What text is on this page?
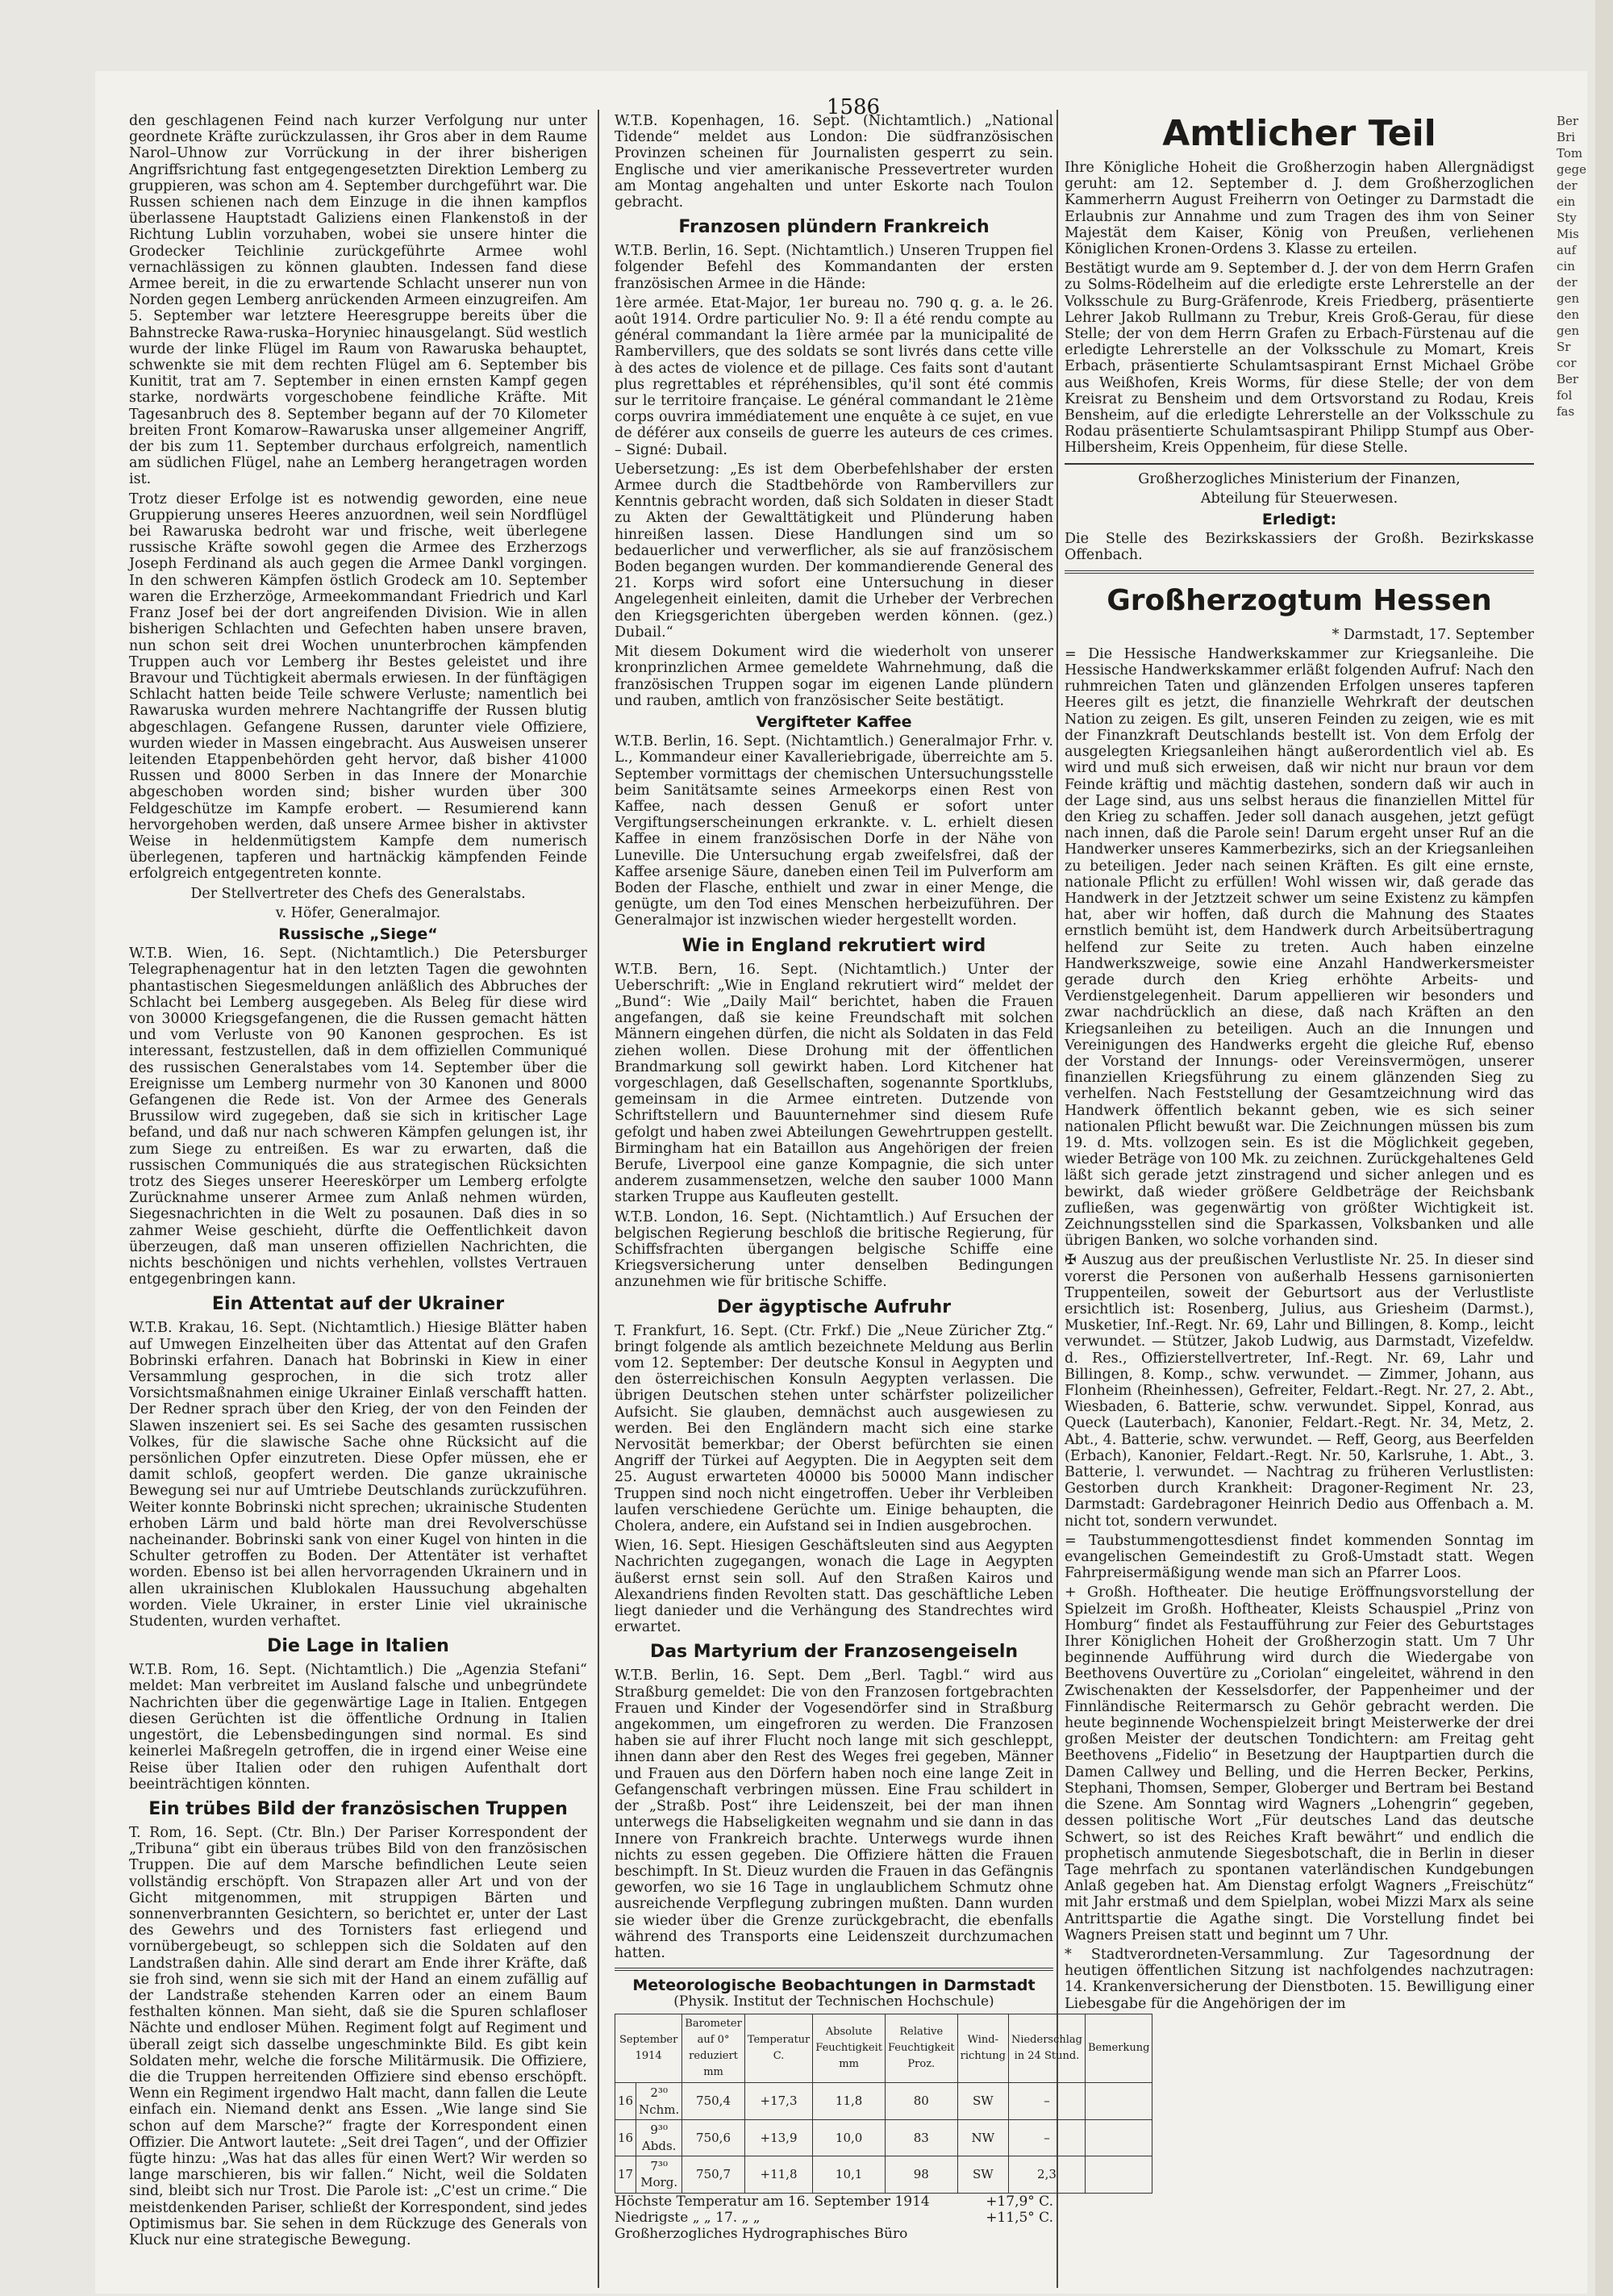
1586

den geschlagenen Feind nach kurzer Verfolgung nur unter geordnete Kräfte zurückzulassen, ihr Gros aber in dem Raume Narol–Uhnow zur Vorrückung in der ihrer bisherigen Angriffsrichtung fast entgegengesetzten Direktion Lemberg zu gruppieren, was schon am 4. September durchgeführt war. Die Russen schienen nach dem Einzuge in die ihnen kampflos überlassene Hauptstadt Galiziens einen Flankenstoß in der Richtung Lublin vorzuhaben, wobei sie unsere hinter die Grodecker Teichlinie zurückgeführte Armee wohl vernachlässigen zu können glaubten. Indessen fand diese Armee bereit, in die zu erwartende Schlacht unserer nun von Norden gegen Lemberg anrückenden Armeen einzugreifen. Am 5. September war letztere Heeresgruppe bereits über die Bahnstrecke Rawa-ruska–Horyniec hinausgelangt. Süd westlich wurde der linke Flügel im Raum von Rawaruska behauptet, schwenkte sie mit dem rechten Flügel am 6. September bis Kunitit, trat am 7. September in einen ernsten Kampf gegen starke, nordwärts vorgeschobene feindliche Kräfte. Mit Tagesanbruch des 8. September begann auf der 70 Kilometer breiten Front Komarow–Rawaruska unser allgemeiner Angriff, der bis zum 11. September durchaus erfolgreich, namentlich am südlichen Flügel, nahe an Lemberg herangetragen worden ist.

Trotz dieser Erfolge ist es notwendig geworden, eine neue Gruppierung unseres Heeres anzuordnen, weil sein Nordflügel bei Rawaruska bedroht war und frische, weit überlegene russische Kräfte sowohl gegen die Armee des Erzherzogs Joseph Ferdinand als auch gegen die Armee Dankl vorgingen. In den schweren Kämpfen östlich Grodeck am 10. September waren die Erzherzöge, Armeekommandant Friedrich und Karl Franz Josef bei der dort angreifenden Division. Wie in allen bisherigen Schlachten und Gefechten haben unsere braven, nun schon seit drei Wochen ununterbrochen kämpfenden Truppen auch vor Lemberg ihr Bestes geleistet und ihre Bravour und Tüchtigkeit abermals erwiesen. In der fünftägigen Schlacht hatten beide Teile schwere Verluste; namentlich bei Rawaruska wurden mehrere Nachtangriffe der Russen blutig abgeschlagen. Gefangene Russen, darunter viele Offiziere, wurden wieder in Massen eingebracht. Aus Ausweisen unserer leitenden Etappenbehörden geht hervor, daß bisher 41000 Russen und 8000 Serben in das Innere der Monarchie abgeschoben worden sind; bisher wurden über 300 Feldgeschütze im Kampfe erobert. — Resumierend kann hervorgehoben werden, daß unsere Armee bisher in aktivster Weise in heldenmütigstem Kampfe dem numerisch überlegenen, tapferen und hartnäckig kämpfenden Feinde erfolgreich entgegentreten konnte.

Der Stellvertreter des Chefs des Generalstabs.

v. Höfer, Generalmajor.

Russische „Siege“

W.T.B. Wien, 16. Sept. (Nichtamtlich.) Die Petersburger Telegraphenagentur hat in den letzten Tagen die gewohnten phantastischen Siegesmeldungen anläßlich des Abbruches der Schlacht bei Lemberg ausgegeben. Als Beleg für diese wird von 30000 Kriegsgefangenen, die die Russen gemacht hätten und vom Verluste von 90 Kanonen gesprochen. Es ist interessant, festzustellen, daß in dem offiziellen Communiqué des russischen Generalstabes vom 14. September über die Ereignisse um Lemberg nurmehr von 30 Kanonen und 8000 Gefangenen die Rede ist. Von der Armee des Generals Brussilow wird zugegeben, daß sie sich in kritischer Lage befand, und daß nur nach schweren Kämpfen gelungen ist, ihr zum Siege zu entreißen. Es war zu erwarten, daß die russischen Communiqués die aus strategischen Rücksichten trotz des Sieges unserer Heereskörper um Lemberg erfolgte Zurücknahme unserer Armee zum Anlaß nehmen würden, Siegesnachrichten in die Welt zu posaunen. Daß dies in so zahmer Weise geschieht, dürfte die Oeffentlichkeit davon überzeugen, daß man unseren offiziellen Nachrichten, die nichts beschönigen und nichts verhehlen, vollstes Vertrauen entgegenbringen kann.

Ein Attentat auf der Ukrainer

W.T.B. Krakau, 16. Sept. (Nichtamtlich.) Hiesige Blätter haben auf Umwegen Einzelheiten über das Attentat auf den Grafen Bobrinski erfahren. Danach hat Bobrinski in Kiew in einer Versammlung gesprochen, in die sich trotz aller Vorsichtsmaßnahmen einige Ukrainer Einlaß verschafft hatten. Der Redner sprach über den Krieg, der von den Feinden der Slawen inszeniert sei. Es sei Sache des gesamten russischen Volkes, für die slawische Sache ohne Rücksicht auf die persönlichen Opfer einzutreten. Diese Opfer müssen, ehe er damit schloß, geopfert werden. Die ganze ukrainische Bewegung sei nur auf Umtriebe Deutschlands zurückzuführen. Weiter konnte Bobrinski nicht sprechen; ukrainische Studenten erhoben Lärm und bald hörte man drei Revolverschüsse nacheinander. Bobrinski sank von einer Kugel von hinten in die Schulter getroffen zu Boden. Der Attentäter ist verhaftet worden. Ebenso ist bei allen hervorragenden Ukrainern und in allen ukrainischen Klublokalen Haussuchung abgehalten worden. Viele Ukrainer, in erster Linie viel ukrainische Studenten, wurden verhaftet.

Die Lage in Italien

W.T.B. Rom, 16. Sept. (Nichtamtlich.) Die „Agenzia Stefani“ meldet: Man verbreitet im Ausland falsche und unbegründete Nachrichten über die gegenwärtige Lage in Italien. Entgegen diesen Gerüchten ist die öffentliche Ordnung in Italien ungestört, die Lebensbedingungen sind normal. Es sind keinerlei Maßregeln getroffen, die in irgend einer Weise eine Reise über Italien oder den ruhigen Aufenthalt dort beeinträchtigen könnten.

Ein trübes Bild der französischen Truppen

T. Rom, 16. Sept. (Ctr. Bln.) Der Pariser Korrespondent der „Tribuna“ gibt ein überaus trübes Bild von den französischen Truppen. Die auf dem Marsche befindlichen Leute seien vollständig erschöpft. Von Strapazen aller Art und von der Gicht mitgenommen, mit struppigen Bärten und sonnenverbrannten Gesichtern, so berichtet er, unter der Last des Gewehrs und des Tornisters fast erliegend und vornübergebeugt, so schleppen sich die Soldaten auf den Landstraßen dahin. Alle sind derart am Ende ihrer Kräfte, daß sie froh sind, wenn sie sich mit der Hand an einem zufällig auf der Landstraße stehenden Karren oder an einem Baum festhalten können. Man sieht, daß sie die Spuren schlafloser Nächte und endloser Mühen. Regiment folgt auf Regiment und überall zeigt sich dasselbe ungeschminkte Bild. Es gibt kein Soldaten mehr, welche die forsche Militärmusik. Die Offiziere, die die Truppen herreitenden Offiziere sind ebenso erschöpft. Wenn ein Regiment irgendwo Halt macht, dann fallen die Leute einfach ein. Niemand denkt ans Essen. „Wie lange sind Sie schon auf dem Marsche?“ fragte der Korrespondent einen Offizier. Die Antwort lautete: „Seit drei Tagen“, und der Offizier fügte hinzu: „Was hat das alles für einen Wert? Wir werden so lange marschieren, bis wir fallen.“ Nicht, weil die Soldaten sind, bleibt sich nur Trost. Die Parole ist: „C'est un crime.“ Die meistdenkenden Pariser, schließt der Korrespondent, sind jedes Optimismus bar. Sie sehen in dem Rückzuge des Generals von Kluck nur eine strategische Bewegung.

W.T.B. Kopenhagen, 16. Sept. (Nichtamtlich.) „National Tidende“ meldet aus London: Die südfranzösischen Provinzen scheinen für Journalisten gesperrt zu sein. Englische und vier amerikanische Pressevertreter wurden am Montag angehalten und unter Eskorte nach Toulon gebracht.

Franzosen plündern Frankreich

W.T.B. Berlin, 16. Sept. (Nichtamtlich.) Unseren Truppen fiel folgender Befehl des Kommandanten der ersten französischen Armee in die Hände:

1ère armée. Etat-Major, 1er bureau no. 790 q. g. a. le 26. août 1914. Ordre particulier No. 9: Il a été rendu compte au général commandant la 1ière armée par la municipalité de Rambervillers, que des soldats se sont livrés dans cette ville à des actes de violence et de pillage. Ces faits sont d'autant plus regrettables et répréhensibles, qu'il sont été commis sur le territoire française. Le général commandant le 21ème corps ouvrira immédiatement une enquête à ce sujet, en vue de déférer aux conseils de guerre les auteurs de ces crimes. – Signé: Dubail.

Uebersetzung: „Es ist dem Oberbefehlshaber der ersten Armee durch die Stadtbehörde von Rambervillers zur Kenntnis gebracht worden, daß sich Soldaten in dieser Stadt zu Akten der Gewalttätigkeit und Plünderung haben hinreißen lassen. Diese Handlungen sind um so bedauerlicher und verwerflicher, als sie auf französischem Boden begangen wurden. Der kommandierende General des 21. Korps wird sofort eine Untersuchung in dieser Angelegenheit einleiten, damit die Urheber der Verbrechen den Kriegsgerichten übergeben werden können. (gez.) Dubail.“

Mit diesem Dokument wird die wiederholt von unserer kronprinzlichen Armee gemeldete Wahrnehmung, daß die französischen Truppen sogar im eigenen Lande plündern und rauben, amtlich von französischer Seite bestätigt.

Vergifteter Kaffee

W.T.B. Berlin, 16. Sept. (Nichtamtlich.) Generalmajor Frhr. v. L., Kommandeur einer Kavalleriebrigade, überreichte am 5. September vormittags der chemischen Untersuchungsstelle beim Sanitätsamte seines Armeekorps einen Rest von Kaffee, nach dessen Genuß er sofort unter Vergiftungserscheinungen erkrankte. v. L. erhielt diesen Kaffee in einem französischen Dorfe in der Nähe von Luneville. Die Untersuchung ergab zweifelsfrei, daß der Kaffee arsenige Säure, daneben einen Teil im Pulverform am Boden der Flasche, enthielt und zwar in einer Menge, die genügte, um den Tod eines Menschen herbeizuführen. Der Generalmajor ist inzwischen wieder hergestellt worden.

Wie in England rekrutiert wird

W.T.B. Bern, 16. Sept. (Nichtamtlich.) Unter der Ueberschrift: „Wie in England rekrutiert wird“ meldet der „Bund“: Wie „Daily Mail“ berichtet, haben die Frauen angefangen, daß sie keine Freundschaft mit solchen Männern eingehen dürfen, die nicht als Soldaten in das Feld ziehen wollen. Diese Drohung mit der öffentlichen Brandmarkung soll gewirkt haben. Lord Kitchener hat vorgeschlagen, daß Gesellschaften, sogenannte Sportklubs, gemeinsam in die Armee eintreten. Dutzende von Schriftstellern und Bauunternehmer sind diesem Rufe gefolgt und haben zwei Abteilungen Gewehrtruppen gestellt. Birmingham hat ein Bataillon aus Angehörigen der freien Berufe, Liverpool eine ganze Kompagnie, die sich unter anderem zusammensetzen, welche den sauber 1000 Mann starken Truppe aus Kaufleuten gestellt.

W.T.B. London, 16. Sept. (Nichtamtlich.) Auf Ersuchen der belgischen Regierung beschloß die britische Regierung, für Schiffsfrachten übergangen belgische Schiffe eine Kriegsversicherung unter denselben Bedingungen anzunehmen wie für britische Schiffe.

Der ägyptische Aufruhr

T. Frankfurt, 16. Sept. (Ctr. Frkf.) Die „Neue Züricher Ztg.“ bringt folgende als amtlich bezeichnete Meldung aus Berlin vom 12. September: Der deutsche Konsul in Aegypten und den österreichischen Konsuln Aegypten verlassen. Die übrigen Deutschen stehen unter schärfster polizeilicher Aufsicht. Sie glauben, demnächst auch ausgewiesen zu werden. Bei den Engländern macht sich eine starke Nervosität bemerkbar; der Oberst befürchten sie einen Angriff der Türkei auf Aegypten. Die in Aegypten seit dem 25. August erwarteten 40000 bis 50000 Mann indischer Truppen sind noch nicht eingetroffen. Ueber ihr Verbleiben laufen verschiedene Gerüchte um. Einige behaupten, die Cholera, andere, ein Aufstand sei in Indien ausgebrochen.

Wien, 16. Sept. Hiesigen Geschäftsleuten sind aus Aegypten Nachrichten zugegangen, wonach die Lage in Aegypten äußerst ernst sein soll. Auf den Straßen Kairos und Alexandriens finden Revolten statt. Das geschäftliche Leben liegt danieder und die Verhängung des Standrechtes wird erwartet.

Das Martyrium der Franzosengeiseln

W.T.B. Berlin, 16. Sept. Dem „Berl. Tagbl.“ wird aus Straßburg gemeldet: Die von den Franzosen fortgebrachten Frauen und Kinder der Vogesendörfer sind in Straßburg angekommen, um eingefroren zu werden. Die Franzosen haben sie auf ihrer Flucht noch lange mit sich geschleppt, ihnen dann aber den Rest des Weges frei gegeben, Männer und Frauen aus den Dörfern haben noch eine lange Zeit in Gefangenschaft verbringen müssen. Eine Frau schildert in der „Straßb. Post“ ihre Leidenszeit, bei der man ihnen unterwegs die Habseligkeiten wegnahm und sie dann in das Innere von Frankreich brachte. Unterwegs wurde ihnen nichts zu essen gegeben. Die Offiziere hätten die Frauen beschimpft. In St. Dieuz wurden die Frauen in das Gefängnis geworfen, wo sie 16 Tage in unglaublichem Schmutz ohne ausreichende Verpflegung zubringen mußten. Dann wurden sie wieder über die Grenze zurückgebracht, die ebenfalls während des Transports eine Leidenszeit durchzumachen hatten.

Meteorologische Beobachtungen in Darmstadt
(Physik. Institut der Technischen Hochschule)
September 1914		Barometer auf 0° reduziert mm	Temperatur C.	Absolute Feuchtigkeit mm	Relative Feuchtigkeit Proz.	Wind-richtung	Niederschlag in 24 Stund.	Bemerkung
16	2³⁰ Nchm.	750,4	+17,3	11,8	80	SW	–	
16	9³⁰ Abds.	750,6	+13,9	10,0	83	NW	–	
17	7³⁰ Morg.	750,7	+11,8	10,1	98	SW	2,3	
Höchste Temperatur am 16. September 1914	+17,9° C.
Niedrigste „ „ 17. „ „	+11,5° C.
Großherzogliches Hydrographisches Büro
Amtlicher Teil

Ihre Königliche Hoheit die Großherzogin haben Allergnädigst geruht: am 12. September d. J. dem Großherzoglichen Kammerherrn August Freiherrn von Oetinger zu Darmstadt die Erlaubnis zur Annahme und zum Tragen des ihm von Seiner Majestät dem Kaiser, König von Preußen, verliehenen Königlichen Kronen-Ordens 3. Klasse zu erteilen.

Bestätigt wurde am 9. September d. J. der von dem Herrn Grafen zu Solms-Rödelheim auf die erledigte erste Lehrerstelle an der Volksschule zu Burg-Gräfenrode, Kreis Friedberg, präsentierte Lehrer Jakob Rullmann zu Trebur, Kreis Groß-Gerau, für diese Stelle; der von dem Herrn Grafen zu Erbach-Fürstenau auf die erledigte Lehrerstelle an der Volksschule zu Momart, Kreis Erbach, präsentierte Schulamtsaspirant Ernst Michael Gröbe aus Weißhofen, Kreis Worms, für diese Stelle; der von dem Kreisrat zu Bensheim und dem Ortsvorstand zu Rodau, Kreis Bensheim, auf die erledigte Lehrerstelle an der Volksschule zu Rodau präsentierte Schulamtsaspirant Philipp Stumpf aus Ober-Hilbersheim, Kreis Oppenheim, für diese Stelle.

Großherzogliches Ministerium der Finanzen,

Abteilung für Steuerwesen.

Erledigt:

Die Stelle des Bezirkskassiers der Großh. Bezirkskasse Offenbach.

Großherzogtum Hessen

* Darmstadt, 17. September

= Die Hessische Handwerkskammer zur Kriegsanleihe. Die Hessische Handwerkskammer erläßt folgenden Aufruf: Nach den ruhmreichen Taten und glänzenden Erfolgen unseres tapferen Heeres gilt es jetzt, die finanzielle Wehrkraft der deutschen Nation zu zeigen. Es gilt, unseren Feinden zu zeigen, wie es mit der Finanzkraft Deutschlands bestellt ist. Von dem Erfolg der ausgelegten Kriegsanleihen hängt außerordentlich viel ab. Es wird und muß sich erweisen, daß wir nicht nur braun vor dem Feinde kräftig und mächtig dastehen, sondern daß wir auch in der Lage sind, aus uns selbst heraus die finanziellen Mittel für den Krieg zu schaffen. Jeder soll danach ausgehen, jetzt gefügt nach innen, daß die Parole sein! Darum ergeht unser Ruf an die Handwerker unseres Kammerbezirks, sich an der Kriegsanleihen zu beteiligen. Jeder nach seinen Kräften. Es gilt eine ernste, nationale Pflicht zu erfüllen! Wohl wissen wir, daß gerade das Handwerk in der Jetztzeit schwer um seine Existenz zu kämpfen hat, aber wir hoffen, daß durch die Mahnung des Staates ernstlich bemüht ist, dem Handwerk durch Arbeitsübertragung helfend zur Seite zu treten. Auch haben einzelne Handwerkszweige, sowie eine Anzahl Handwerkersmeister gerade durch den Krieg erhöhte Arbeits- und Verdienstgelegenheit. Darum appellieren wir besonders und zwar nachdrücklich an diese, daß nach Kräften an den Kriegsanleihen zu beteiligen. Auch an die Innungen und Vereinigungen des Handwerks ergeht die gleiche Ruf, ebenso der Vorstand der Innungs- oder Vereinsvermögen, unserer finanziellen Kriegsführung zu einem glänzenden Sieg zu verhelfen. Nach Feststellung der Gesamtzeichnung wird das Handwerk öffentlich bekannt geben, wie es sich seiner nationalen Pflicht bewußt war. Die Zeichnungen müssen bis zum 19. d. Mts. vollzogen sein. Es ist die Möglichkeit gegeben, wieder Beträge von 100 Mk. zu zeichnen. Zurückgehaltenes Geld läßt sich gerade jetzt zinstragend und sicher anlegen und es bewirkt, daß wieder größere Geldbeträge der Reichsbank zufließen, was gegenwärtig von größter Wichtigkeit ist. Zeichnungsstellen sind die Sparkassen, Volksbanken und alle übrigen Banken, wo solche vorhanden sind.

✠ Auszug aus der preußischen Verlustliste Nr. 25. In dieser sind vorerst die Personen von außerhalb Hessens garnisonierten Truppenteilen, soweit der Geburtsort aus der Verlustliste ersichtlich ist: Rosenberg, Julius, aus Griesheim (Darmst.), Musketier, Inf.-Regt. Nr. 69, Lahr und Billingen, 8. Komp., leicht verwundet. — Stützer, Jakob Ludwig, aus Darmstadt, Vizefeldw. d. Res., Offizierstellvertreter, Inf.-Regt. Nr. 69, Lahr und Billingen, 8. Komp., schw. verwundet. — Zimmer, Johann, aus Flonheim (Rheinhessen), Gefreiter, Feldart.-Regt. Nr. 27, 2. Abt., Wiesbaden, 6. Batterie, schw. verwundet. Sippel, Konrad, aus Queck (Lauterbach), Kanonier, Feldart.-Regt. Nr. 34, Metz, 2. Abt., 4. Batterie, schw. verwundet. — Reff, Georg, aus Beerfelden (Erbach), Kanonier, Feldart.-Regt. Nr. 50, Karlsruhe, 1. Abt., 3. Batterie, l. verwundet. — Nachtrag zu früheren Verlustlisten: Gestorben durch Krankheit: Dragoner-Regiment Nr. 23, Darmstadt: Gardebragoner Heinrich Dedio aus Offenbach a. M. nicht tot, sondern verwundet.

= Taubstummengottesdienst findet kommenden Sonntag im evangelischen Gemeindestift zu Groß-Umstadt statt. Wegen Fahrpreisermäßigung wende man sich an Pfarrer Loos.

+ Großh. Hoftheater. Die heutige Eröffnungsvorstellung der Spielzeit im Großh. Hoftheater, Kleists Schauspiel „Prinz von Homburg“ findet als Festaufführung zur Feier des Geburtstages Ihrer Königlichen Hoheit der Großherzogin statt. Um 7 Uhr beginnende Aufführung wird durch die Wiedergabe von Beethovens Ouvertüre zu „Coriolan“ eingeleitet, während in den Zwischenakten der Kesselsdorfer, der Pappenheimer und der Finnländische Reitermarsch zu Gehör gebracht werden. Die heute beginnende Wochenspielzeit bringt Meisterwerke der drei großen Meister der deutschen Tondichtern: am Freitag geht Beethovens „Fidelio“ in Besetzung der Hauptpartien durch die Damen Callwey und Belling, und die Herren Becker, Perkins, Stephani, Thomsen, Semper, Globerger und Bertram bei Bestand die Szene. Am Sonntag wird Wagners „Lohengrin“ gegeben, dessen politische Wort „Für deutsches Land das deutsche Schwert, so ist des Reiches Kraft bewährt“ und endlich die prophetisch anmutende Siegesbotschaft, die in Berlin in dieser Tage mehrfach zu spontanen vaterländischen Kundgebungen Anlaß gegeben hat. Am Dienstag erfolgt Wagners „Freischütz“ mit Jahr erstmaß und dem Spielplan, wobei Mizzi Marx als seine Antrittspartie die Agathe singt. Die Vorstellung findet bei Wagners Preisen statt und beginnt um 7 Uhr.

* Stadtverordneten-Versammlung. Zur Tagesordnung der heutigen öffentlichen Sitzung ist nachfolgendes nachzutragen: 14. Krankenversicherung der Dienstboten. 15. Bewilligung einer Liebesgabe für die Angehörigen der im

Ber Bri Tom gege der ein Sty Mis auf cin der gen den gen Sr cor Ber fol fas
